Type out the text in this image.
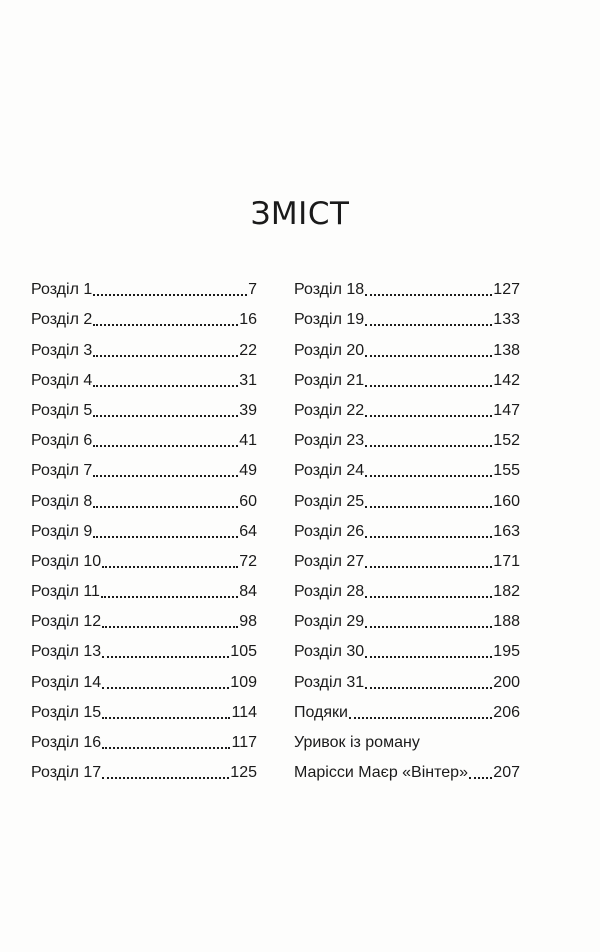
ЗМІСТ
Розділ 1	7
Розділ 2	16
Розділ 3	22
Розділ 4	31
Розділ 5	39
Розділ 6	41
Розділ 7	49
Розділ 8	60
Розділ 9	64
Розділ 10	72
Розділ 11	84
Розділ 12	98
Розділ 13	105
Розділ 14	109
Розділ 15	114
Розділ 16	117
Розділ 17	125
Розділ 18	127
Розділ 19	133
Розділ 20	138
Розділ 21	142
Розділ 22	147
Розділ 23	152
Розділ 24	155
Розділ 25	160
Розділ 26	163
Розділ 27	171
Розділ 28	182
Розділ 29	188
Розділ 30	195
Розділ 31	200
Подяки	206
Уривок із роману
Марісси Маєр «Вінтер» 207
